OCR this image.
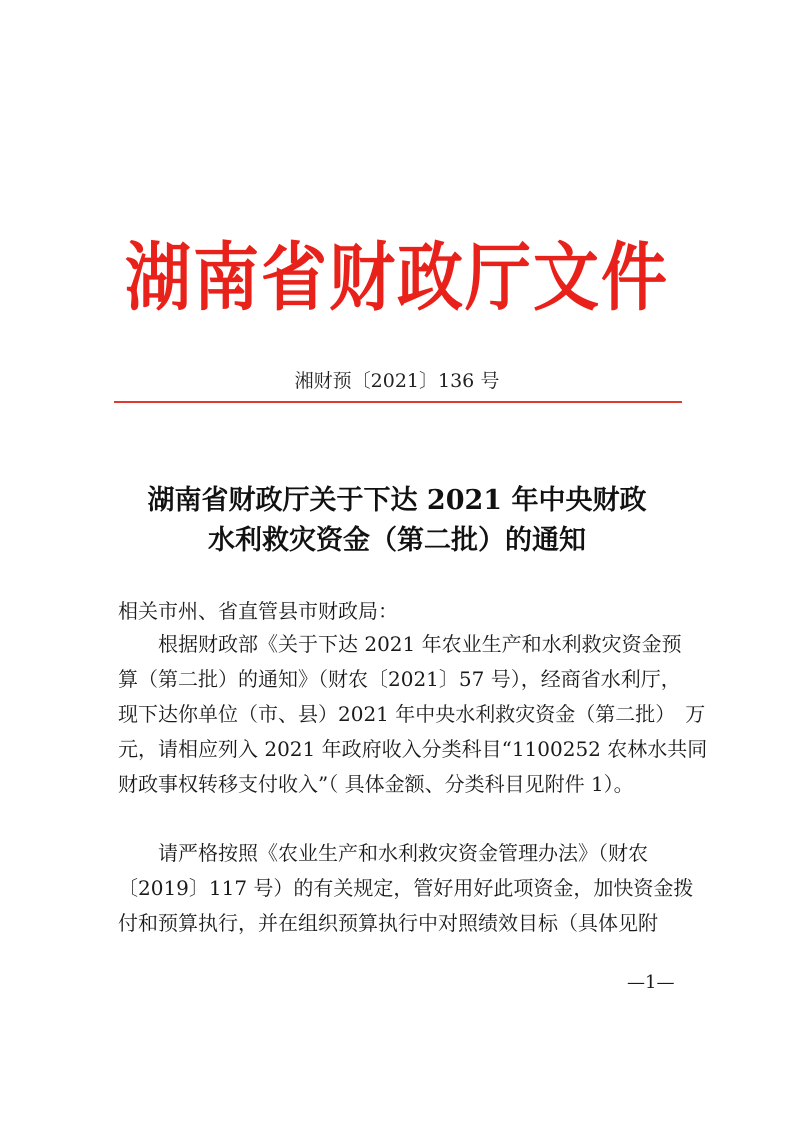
湖南省财政厅文件
湘财预〔2021〕136 号
湖南省财政厅关于下达 2021 年中央财政
水利救灾资金（第二批）的通知
相关市州、省直管县市财政局：
根据财政部《关于下达 2021 年农业生产和水利救灾资金预
算（第二批）的通知》（财农〔2021〕57 号），经商省水利厅，
现下达你单位（市、县）2021 年中央水利救灾资金（第二批）　万
元，请相应列入 2021 年政府收入分类科目“1100252 农林水共同
财政事权转移支付收入”（ 具体金额、分类科目见附件 1）。
请严格按照《农业生产和水利救灾资金管理办法》（财农
〔2019〕117 号）的有关规定，管好用好此项资金，加快资金拨
付和预算执行，并在组织预算执行中对照绩效目标（具体见附
—1—
